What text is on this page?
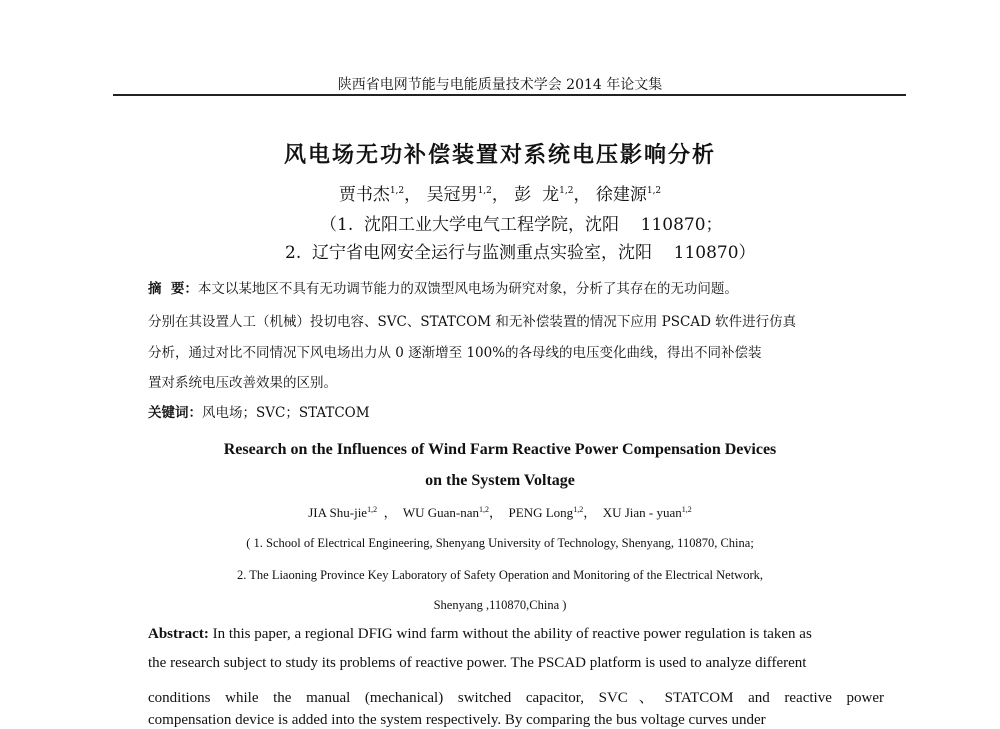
陕西省电网节能与电能质量技术学会 2014 年论文集
风电场无功补偿装置对系统电压影响分析
贾书杰$^{1,2}$， 吴冠男$^{1,2}$， 彭  龙$^{1,2}$， 徐建源$^{1,2}$
（1.  沈阳工业大学电气工程学院，沈阳    110870；
2.  辽宁省电网安全运行与监测重点实验室，沈阳    110870）
摘  要：本文以某地区不具有无功调节能力的双馈型风电场为研究对象，分析了其存在的无功问题。
分别在其设置人工（机械）投切电容、SVC、STATCOM 和无补偿装置的情况下应用 PSCAD 软件进行仿真
分析，通过对比不同情况下风电场出力从 0 逐渐增至 100%的各母线的电压变化曲线，得出不同补偿装
置对系统电压改善效果的区别。
关键词：风电场；SVC；STATCOM
Research on the Influences of Wind Farm Reactive Power Compensation Devices
on the System Voltage
JIA Shu-jie$^{1,2}$  ，  WU Guan-nan$^{1,2}$，  PENG Long$^{1,2}$，  XU Jian - yuan$^{1,2}$
( 1. School of Electrical Engineering, Shenyang University of Technology, Shenyang, 110870, China;
2. The Liaoning Province Key Laboratory of Safety Operation and Monitoring of the Electrical Network,
Shenyang ,110870,China )
Abstract: In this paper, a regional DFIG wind farm without the ability of reactive power regulation is taken as
the research subject to study its problems of reactive power. The PSCAD platform is used to analyze different
conditions while the manual (mechanical) switched capacitor, SVC、STATCOM and reactive power
compensation device is added into the system respectively. By comparing the bus voltage curves under
